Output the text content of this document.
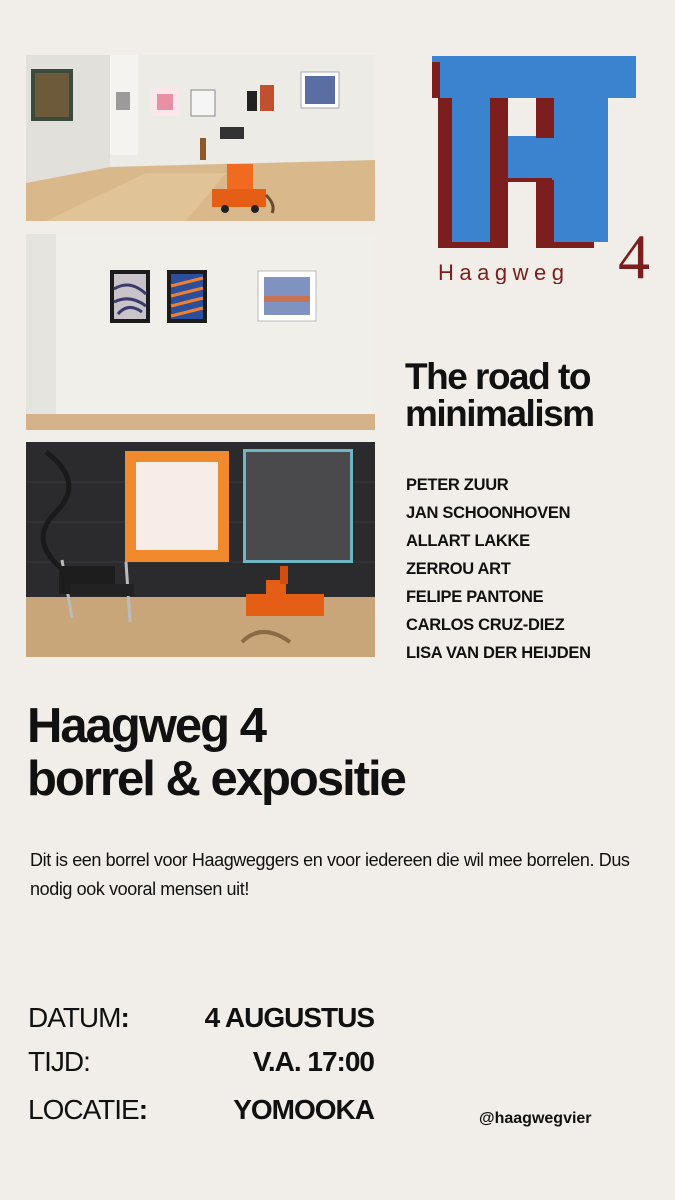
4
Haagweg
The road to minimalism
PETER ZUUR
JAN SCHOONHOVEN
ALLART LAKKE
ZERROU ART
FELIPE PANTONE
CARLOS CRUZ-DIEZ
LISA VAN DER HEIJDEN
Haagweg 4
borrel & expositie

Dit is een borrel voor Haagweggers en voor iedereen die wil mee borrelen. Dus nodig ook vooral mensen uit!

DATUM:	4 AUGUSTUS
TIJD:	V.A. 17:00
LOCATIE:	YOMOOKA	@haagwegvier
